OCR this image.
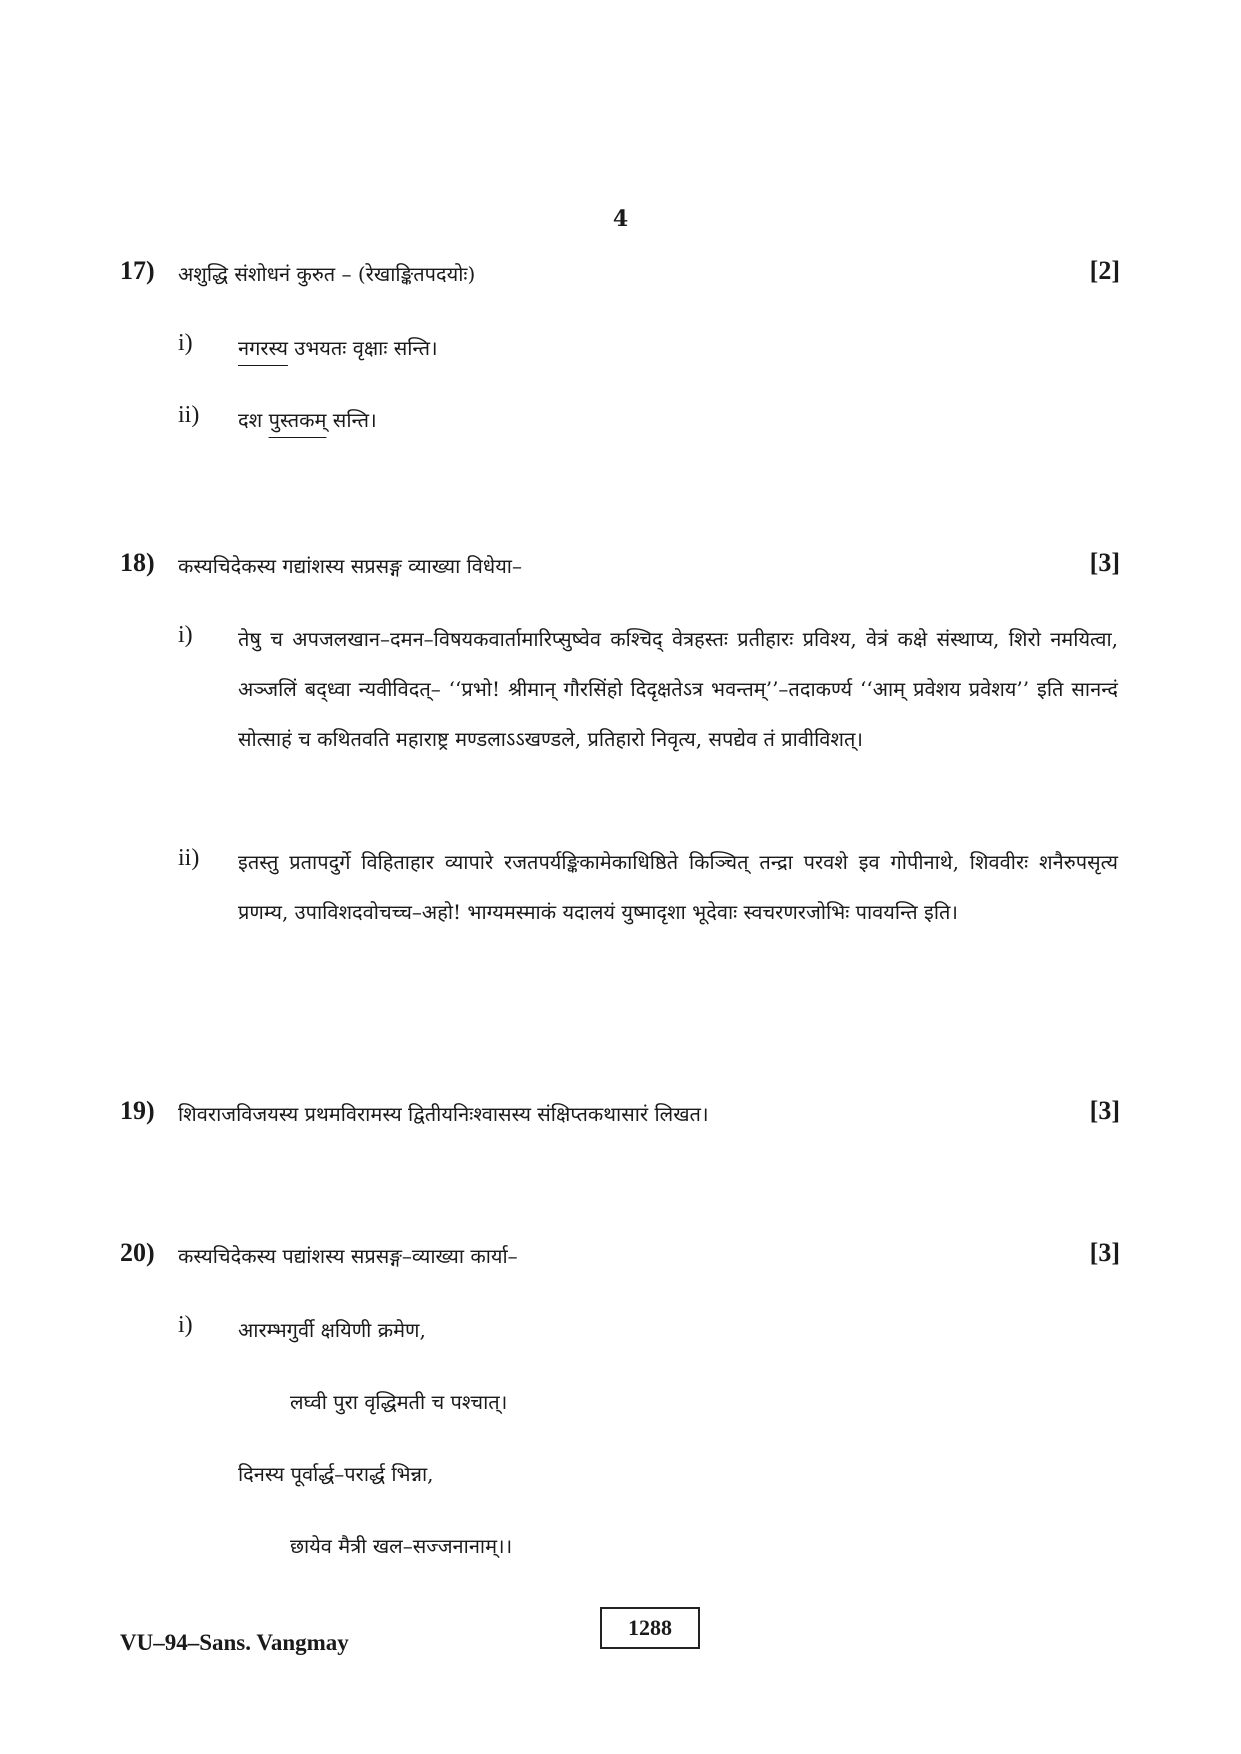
4
17) अशुद्धि संशोधनं कुरुत – (रेखाङ्कितपदयोः)	[2]
i)	नगरस्य उभयतः वृक्षाः सन्ति।
ii)	दश पुस्तकम् सन्ति।
18) कस्यचिदेकस्य गद्यांशस्य सप्रसङ्ग व्याख्या विधेया–	[3]
i)	तेषु च अपजलखान–दमन–विषयकवार्तामारिप्सुष्वेव कश्चिद् वेत्रहस्तः प्रतीहारः प्रविश्य, वेत्रं कक्षे संस्थाप्य, शिरो नमयित्वा, अञ्जलिं बद्ध्वा न्यवीविदत्– ‘‘प्रभो! श्रीमान् गौरसिंहो दिदृक्षतेऽत्र भवन्तम्’’–तदाकर्ण्य ‘‘आम् प्रवेशय प्रवेशय’’ इति सानन्दं सोत्साहं च कथितवति महाराष्ट्र मण्डलाऽऽखण्डले, प्रतिहारो निवृत्य, सपद्येव तं प्रावीविशत्।
ii)	इतस्तु प्रतापदुर्गे विहिताहार व्यापारे रजतपर्यङ्किकामेकाधिष्ठिते किञ्चित् तन्द्रा परवशे इव गोपीनाथे, शिववीरः शनैरुपसृत्य प्रणम्य, उपाविशदवोचच्च–अहो! भाग्यमस्माकं यदालयं युष्मादृशा भूदेवाः स्वचरणरजोभिः पावयन्ति इति।
19) शिवराजविजयस्य प्रथमविरामस्य द्वितीयनिःश्वासस्य संक्षिप्तकथासारं लिखत।	[3]
20) कस्यचिदेकस्य पद्यांशस्य सप्रसङ्ग–व्याख्या कार्या–	[3]
i)	आरम्भगुर्वी क्षयिणी क्रमेण,
लघ्वी पुरा वृद्धिमती च पश्चात्।
दिनस्य पूर्वार्द्ध–परार्द्ध भिन्ना,
छायेव मैत्री खल–सज्जनानाम्।।
VU–94–Sans. Vangmay
1288
